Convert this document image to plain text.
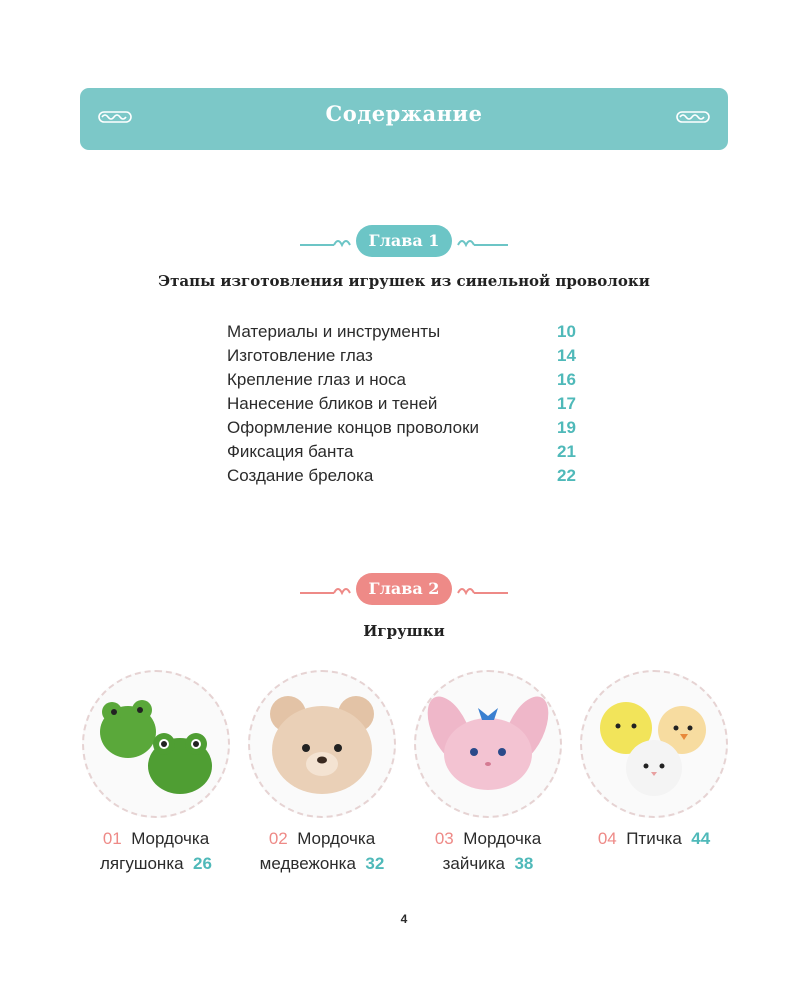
Содержание
Глава 1
Этапы изготовления игрушек из синельной проволоки
Материалы и инструменты	10
Изготовление глаз	14
Крепление глаз и носа	16
Нанесение бликов и теней	17
Оформление концов проволоки	19
Фиксация банта	21
Создание брелока	22
Глава 2
Игрушки
01 Мордочка
лягушонка 26
02 Мордочка
медвежонка 32
03 Мордочка
зайчика 38
04 Птичка 44
4
